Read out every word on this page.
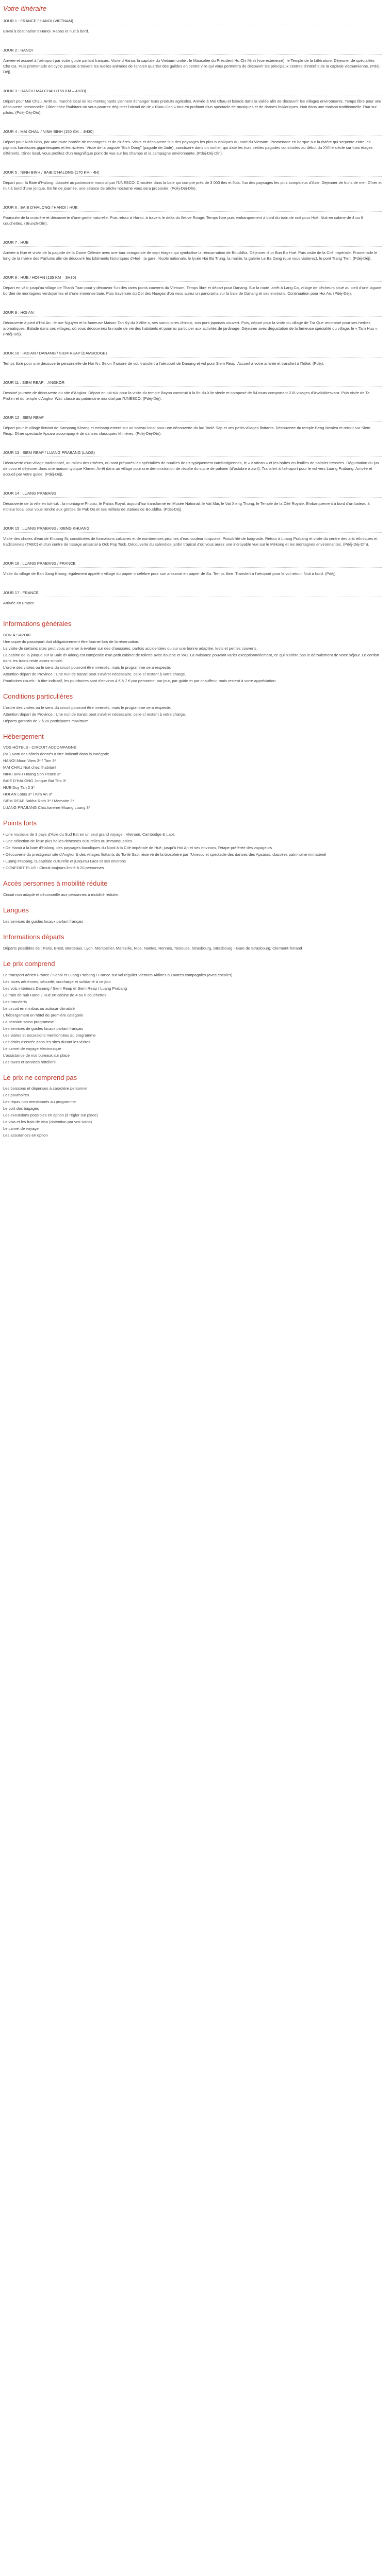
Votre itinéraire
JOUR 1 : FRANCE / HANOI (VIETNAM)
Envol à destination d'Hanoi. Repas et nuit à bord.
JOUR 2 : HANOI
Arrivée et accueil à l'aéroport par votre guide parlant français. Visite d'Hanoi, la capitale du Vietnam unifié : le Mausolée du Président Ho Chi Minh (vue extérieure), le Temple de la Littérature. Déjeuner de spécialités Cha Ca. Puis promenade en cyclo pousse à travers les ruelles animées de l'ancien quartier des guildes en centre ville qui vous permettra de découvrir les principaux centres d'intérêts de la capitale vietnamienne. (Pdéj-Déj).
JOUR 3 : HANOI / MAI CHAU (150 KM – 4H30)
Départ pour Mai Chau. Arrêt au marché local où les montagnards viennent échanger leurs produits agricoles. Arrivée à Mai Chau et balade dans la vallée afin de découvrir les villages environnants. Temps libre pour une découverte personnelle. Dîner chez l'habitant où vous pourrez déguster l'alcool de riz « Ruou Can » tout en profitant d'un spectacle de musiques et de danses folkloriques. Nuit dans une maison traditionnelle Thaï sur pilotis. (Pdéj-Déj-Dîn).
JOUR 4 : MAI CHAU / NINH BINH (150 KM – 4H30)
Départ pour Ninh Binh, par une route bordée de montagnes et de rizières. Visite et découverte l'un des paysages les plus bucoliques du nord du Vietnam. Promenade en barque sur la rivière qui serpente entre les pignons karstiques gigantesques et les rizières. Visite de la pagode "Bich Dong" (pagode de Jade), sanctuaire dans un rocher, qui date les trois petites pagodes construites au début du XVIIIe siècle sur trois étages différents. Dîner local, vous profitez d'un magnifique point de vue sur les champs et la campagne environnante. (Pdéj-Déj-Dîn).
JOUR 5 : NINH BINH / BAIE D'HALONG (170 KM - 4H)
Départ pour la Baie d'Halong, classée au patrimoine mondial par l'UNESCO. Croisière dans la baie qui compte près de 3 000 îles et îlots, l'un des paysages les plus somptueux d'Asie. Déjeuner de fruits de mer. Dîner et nuit à bord d'une jonque. En fin de journée, une séance de pêche nocturne vous sera proposée. (Pdéj-Déj-Dîn).
JOUR 6 : BAIE D'HALONG / HANOI / HUE
Poursuite de la croisière et découverte d'une grotte naturelle. Puis retour à Hanoi, à travers le delta du fleuve Rouge. Temps libre puis embarquement à bord du train de nuit pour Hué. Nuit en cabine de 4 ou 6 couchettes. (Brunch-Dîn).
JOUR 7 : HUE
Arrivée à Hué et visite de la pagode de la Dame Céleste avec une tour octogonale de sept étages qui symbolise la réincarnation de Bouddha. Déjeuner d'un Bun Bo Hué. Puis visite de la Cité Impériale. Promenade le long de la rivière des Parfums afin de découvrir les bâtiments historiques d'Hué : la gare, l'école nationale, le lycée Hai Ba Trung, la mairie, la galerie Le Ba Dang (que vous visiterez), le pont Trang Tien. (Pdéj-Déj).
JOUR 8 : HUE / HOI AN (135 KM – 3H30)
Départ en vélo jusqu'au village de Thanh Toan pour y découvrir l'un des rares ponts couverts du Vietnam. Temps libre et départ pour Danang. Sur la route, arrêt à Lang Co, village de pêcheurs situé au pied d'une lagune bordée de montagnes verdoyantes et d'une immense baie. Puis traversée du Col des Nuages d'où vous aurez un panorama sur la baie de Danang et ses environs. Continuation pour Hoi An. (Pdéj-Déj).
JOUR 9 : HOI AN
Découverte à pied d'Hoi An : le rue Nguyen et la fameuse Maison Tan Ky du XVIIIe s, ses sanctuaires chinois, son pont japonais couvert. Puis, départ pour la visite du village de Tra Que renommé pour ses herbes aromatiques. Balade dans ces villages, où vous découvrirez la mode de vie des habitants et pourrez participer aux activités de jardinage. Déjeuner avec dégustation de la fameuse spécialité du village, le « Tam Huu ». (Pdéj-Déj).
JOUR 10 : HOI AN / DANANG / SIEM REAP (CAMBODGE)
Temps libre pour une découverte personnelle de Hoi An. Selon l'horaire de vol, transfert à l'aéroport de Danang et vol pour Siem Reap. Accueil à votre arrivée et transfert à l'hôtel. (Pdéj).
JOUR 11 : SIEM REAP – ANGKOR
Dessiné journée de découverte du site d'Angkor. Départ en tuk-tuk pour la visite du temple Bayon construit à la fin du XIIe siècle et composé de 54 tours comportant 216 visages d'Avalokitesvara. Puis visite de Ta Prohm et du temple d'Angkor Wat, classé au patrimoine mondial par l'UNESCO. (Pdéj-Déj).
JOUR 12 : SIEM REAP
Départ pour le village flottant de Kampong Kleang et embarquement sur un bateau local pour une découverte du lac Tonlé Sap et ses petits villages flottants. Découverte du temple Beng Mealea et retour sur Siem Reap. Dîner spectacle Apsara accompagné de danses classiques khmères. (Pdéj-Déj-Dîn).
JOUR 13 : SIEM REAP / LUANG PRABANG (LAOS)
Découverte d'un village traditionnel, au milieu des rizières, où sont préparés les spécialités de nouilles de riz typiquement cambodgiennes, le « Kralean » et les boîtes en feuilles de palmier tressées. Dégustation du jus de coco et déjeuner dans une maison typique Khmer. Arrêt dans un village pour une démonstration de récolte du sucre de palmier (d'octobre à avril). Transfert à l'aéroport pour le vol vers Luang Prabang. Arrivée et accueil par votre guide. (Pdéj-Déj).
JOUR 14 : LUANG PRABANG
Découverte de la ville en tuk-tuk : la montagne Phousi, le Palais Royal, aujourd'hui transformé en Musée National, le Vat Mai, le Vat Xieng Thong, le Temple de la Cité Royale. Embarquement à bord d'un bateau à moteur local pour vous rendre aux grottes de Pak Ou et ses milliers de statues de Bouddha. (Pdéj-Déj).
JOUR 15 : LUANG PRABANG / XIENG KHUANG
Visite des chutes d'eau de Khuang Si, constituées de formations calcaires et de nombreuses piscines d'eau couleur turquoise. Possibilité de baignade. Retour à Luang Prabang et visite du centre des arts ethniques et traditionnels (TAEC) et d'un centre de tissage artisanal à Ock Pop Tock. Découverte du splendide jardin tropical d'où vous aurez une incroyable vue sur le Mékong et les montagnes environnantes. (Pdéj-Déj-Dîn).
JOUR 16 : LUANG PRABANG / FRANCE
Visite du village de Ban Xang Khong, également appelé « village du papier » célèbre pour son artisanat en papier de Sa. Temps libre. Transfert à l'aéroport pour le vol retour. Nuit à bord. (Pdéj).
JOUR 17 : FRANCE
Arrivée en France.
Informations générales

BON À SAVOIR

Une copie du passeport doit obligatoirement être fournie lors de la réservation.

La visite de certains sites peut vous amener à évoluer sur des chaussées, parfois accidentées ou sur une bonne adaptée, tests et pentes couverts.

La cabine de la jonque sur la Baie d'Halong est composée d'un petit cabinet de toilette avec douche et WC. La nuisance pouvant varier exceptionnellement, ce qui n'altère pas le déroulement de votre séjour. Le confort dans les trains reste assez simple.

L'ordre des visites ou le sens du circuit pourront être inversés, mais le programme sera respecté.

Attention départ de Province : Une nuit de transit peut s'avérer nécessaire, celle-ci restant à votre charge.

Pourboires usuels : à titre indicatif, les pourboires sont d'environ 4 € à 7 € par personne, par jour, par guide et par chauffeur, mais restent à votre appréciation.

Conditions particulières

L'ordre des visites ou le sens du circuit pourront être inversés, mais le programme sera respecté.

Attention départ de Province : Une nuit de transit peut s'avérer nécessaire, celle-ci restant à votre charge.

Départs garantis de 2 à 20 participants maximum

Hébergement

VOS HÔTELS - CIRCUIT ACCOMPAGNÉ

(NL) Nom des hôtels donnés à titre indicatif dans la catégorie

HANOI Moon View 3* / Tam 3*

MAI CHAU Nuit chez l'habitant

NINH BINH Hoang Son Peace 3*

BAIE D'HALONG Jonque Bai Tho 3*

HUE Duy Tan 2 3*

HOI AN Lotus 3* / Kim An 3*

SIEM REAP Sokha Roth 3* / Memoire 3*

LUANG PRABANG Chitcharerne Muang Luang 3*

Points forts

• Une musique de 3 pays d'Asie du Sud Est en un seul grand voyage : Vietnam, Cambodge & Laos

• Une sélection de lieux plus belles richesses culturelles ou immanquables

• De Hanoi à la baie d'Halong, des paysages bucoliques du Nord à la Cité impériale de Hué, jusqu'à Hoi An et ses environs, l'étape préférée des voyageurs

• Découverte du prestigieux site d'Angkor & des villages flottants du Tonlé Sap, réservé de la biosphère par l'Unesco et spectacle des danses des Apsaras, classées patrimoine immatériel

• Luang Prabang, la capitale culturelle et jusqu'au Laos et ses environs

• CONFORT PLUS ! Circuit toujours limité à 20 personnes

Accès personnes à mobilité réduite

Circuit non adapté et déconseillé aux personnes à mobilité réduite.

Langues

Les services de guides locaux parlant français

Informations départs

Départs possibles de : Paris, Brest, Bordeaux, Lyon, Montpellier, Marseille, Nice, Nantes, Rennes, Toulouse, Strasbourg, Strasbourg - Gare de Strasbourg; Clermont-ferrand

Le prix comprend

Le transport aérien France / Hanoi et Luang Prabang / France sur vol régulier Vietnam Airlines ou autres compagnies (avec escales)

Les taxes aériennes, sécurité, surcharge et solidarité à ce jour

Les vols intérieurs Danang / Siem Reap et Siem Reap / Luang Prabang

Le train de nuit Hanoi / Hué en cabine de 4 ou 6 couchettes

Les transferts

Le circuit en minibus ou autocar climatisé

L'hébergement en hôtel de première catégorie

La pension selon programme

Les services de guides locaux parlant français

Les visites et excursions mentionnées au programme

Les droits d'entrée dans les sites durant les visites

Le carnet de voyage électronique

L'assistance de nos bureaux sur place

Les taxes et services hôteliers

Le prix ne comprend pas

Les boissons et dépenses à caractère personnel

Les pourboires

Les repas non mentionnés au programme

Le port des bagages

Les excursions possibles en option (à régler sur place)

Le visa et les frais de visa (obtention par vos soins)

Le carnet de voyage

Les assurances en option
